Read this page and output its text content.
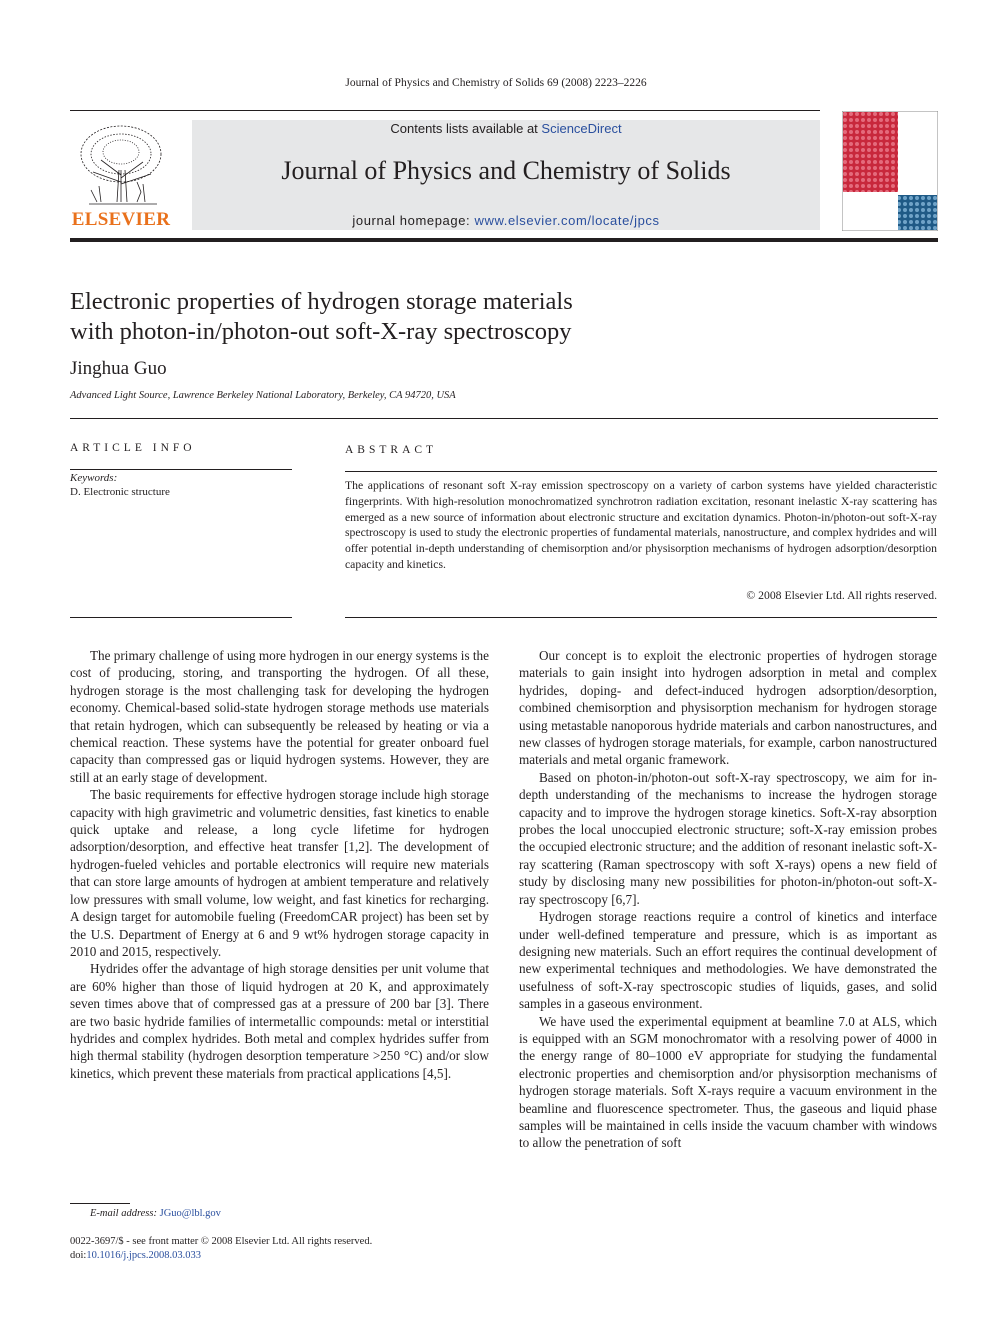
Journal of Physics and Chemistry of Solids 69 (2008) 2223–2226
ELSEVIER
Contents lists available at ScienceDirect
Journal of Physics and Chemistry of Solids
journal homepage: www.elsevier.com/locate/jpcs
Electronic properties of hydrogen storage materials
with photon-in/photon-out soft-X-ray spectroscopy
Jinghua Guo
Advanced Light Source, Lawrence Berkeley National Laboratory, Berkeley, CA 94720, USA
ARTICLE INFO
Keywords:
D. Electronic structure
ABSTRACT
The applications of resonant soft X-ray emission spectroscopy on a variety of carbon systems have yielded characteristic fingerprints. With high-resolution monochromatized synchrotron radiation excitation, resonant inelastic X-ray scattering has emerged as a new source of information about electronic structure and excitation dynamics. Photon-in/photon-out soft-X-ray spectroscopy is used to study the electronic properties of fundamental materials, nanostructure, and complex hydrides and will offer potential in-depth understanding of chemisorption and/or physisorption mechanisms of hydrogen adsorption/desorption capacity and kinetics.
© 2008 Elsevier Ltd. All rights reserved.

The primary challenge of using more hydrogen in our energy systems is the cost of producing, storing, and transporting the hydrogen. Of all these, hydrogen storage is the most challenging task for developing the hydrogen economy. Chemical-based solid-state hydrogen storage methods use materials that retain hydrogen, which can subsequently be released by heating or via a chemical reaction. These systems have the potential for greater onboard fuel capacity than compressed gas or liquid hydrogen systems. However, they are still at an early stage of development.

The basic requirements for effective hydrogen storage include high storage capacity with high gravimetric and volumetric densities, fast kinetics to enable quick uptake and release, a long cycle lifetime for hydrogen adsorption/desorption, and effective heat transfer [1,2]. The development of hydrogen-fueled vehicles and portable electronics will require new materials that can store large amounts of hydrogen at ambient temperature and relatively low pressures with small volume, low weight, and fast kinetics for recharging. A design target for automobile fueling (FreedomCAR project) has been set by the U.S. Department of Energy at 6 and 9 wt% hydrogen storage capacity in 2010 and 2015, respectively.

Hydrides offer the advantage of high storage densities per unit volume that are 60% higher than those of liquid hydrogen at 20 K, and approximately seven times above that of compressed gas at a pressure of 200 bar [3]. There are two basic hydride families of intermetallic compounds: metal or interstitial hydrides and complex hydrides. Both metal and complex hydrides suffer from high thermal stability (hydrogen desorption temperature >250 °C) and/or slow kinetics, which prevent these materials from practical applications [4,5].

Our concept is to exploit the electronic properties of hydrogen storage materials to gain insight into hydrogen adsorption in metal and complex hydrides, doping- and defect-induced hydrogen adsorption/desorption, combined chemisorption and physisorption mechanism for hydrogen storage using metastable nanoporous hydride materials and carbon nanostructures, and new classes of hydrogen storage materials, for example, carbon nanostructured materials and metal organic framework.

Based on photon-in/photon-out soft-X-ray spectroscopy, we aim for in-depth understanding of the mechanisms to increase the hydrogen storage capacity and to improve the hydrogen storage kinetics. Soft-X-ray absorption probes the local unoccupied electronic structure; soft-X-ray emission probes the occupied electronic structure; and the addition of resonant inelastic soft-X-ray scattering (Raman spectroscopy with soft X-rays) opens a new field of study by disclosing many new possibilities for photon-in/photon-out soft-X-ray spectroscopy [6,7].

Hydrogen storage reactions require a control of kinetics and interface under well-defined temperature and pressure, which is as important as designing new materials. Such an effort requires the continual development of new experimental techniques and methodologies. We have demonstrated the usefulness of soft-X-ray spectroscopic studies of liquids, gases, and solid samples in a gaseous environment.

We have used the experimental equipment at beamline 7.0 at ALS, which is equipped with an SGM monochromator with a resolving power of 4000 in the energy range of 80–1000 eV appropriate for studying the fundamental electronic properties and chemisorption and/or physisorption mechanisms of hydrogen storage materials. Soft X-rays require a vacuum environment in the beamline and fluorescence spectrometer. Thus, the gaseous and liquid phase samples will be maintained in cells inside the vacuum chamber with windows to allow the penetration of soft

E-mail address: JGuo@lbl.gov
0022-3697/$ - see front matter © 2008 Elsevier Ltd. All rights reserved.
doi:10.1016/j.jpcs.2008.03.033
